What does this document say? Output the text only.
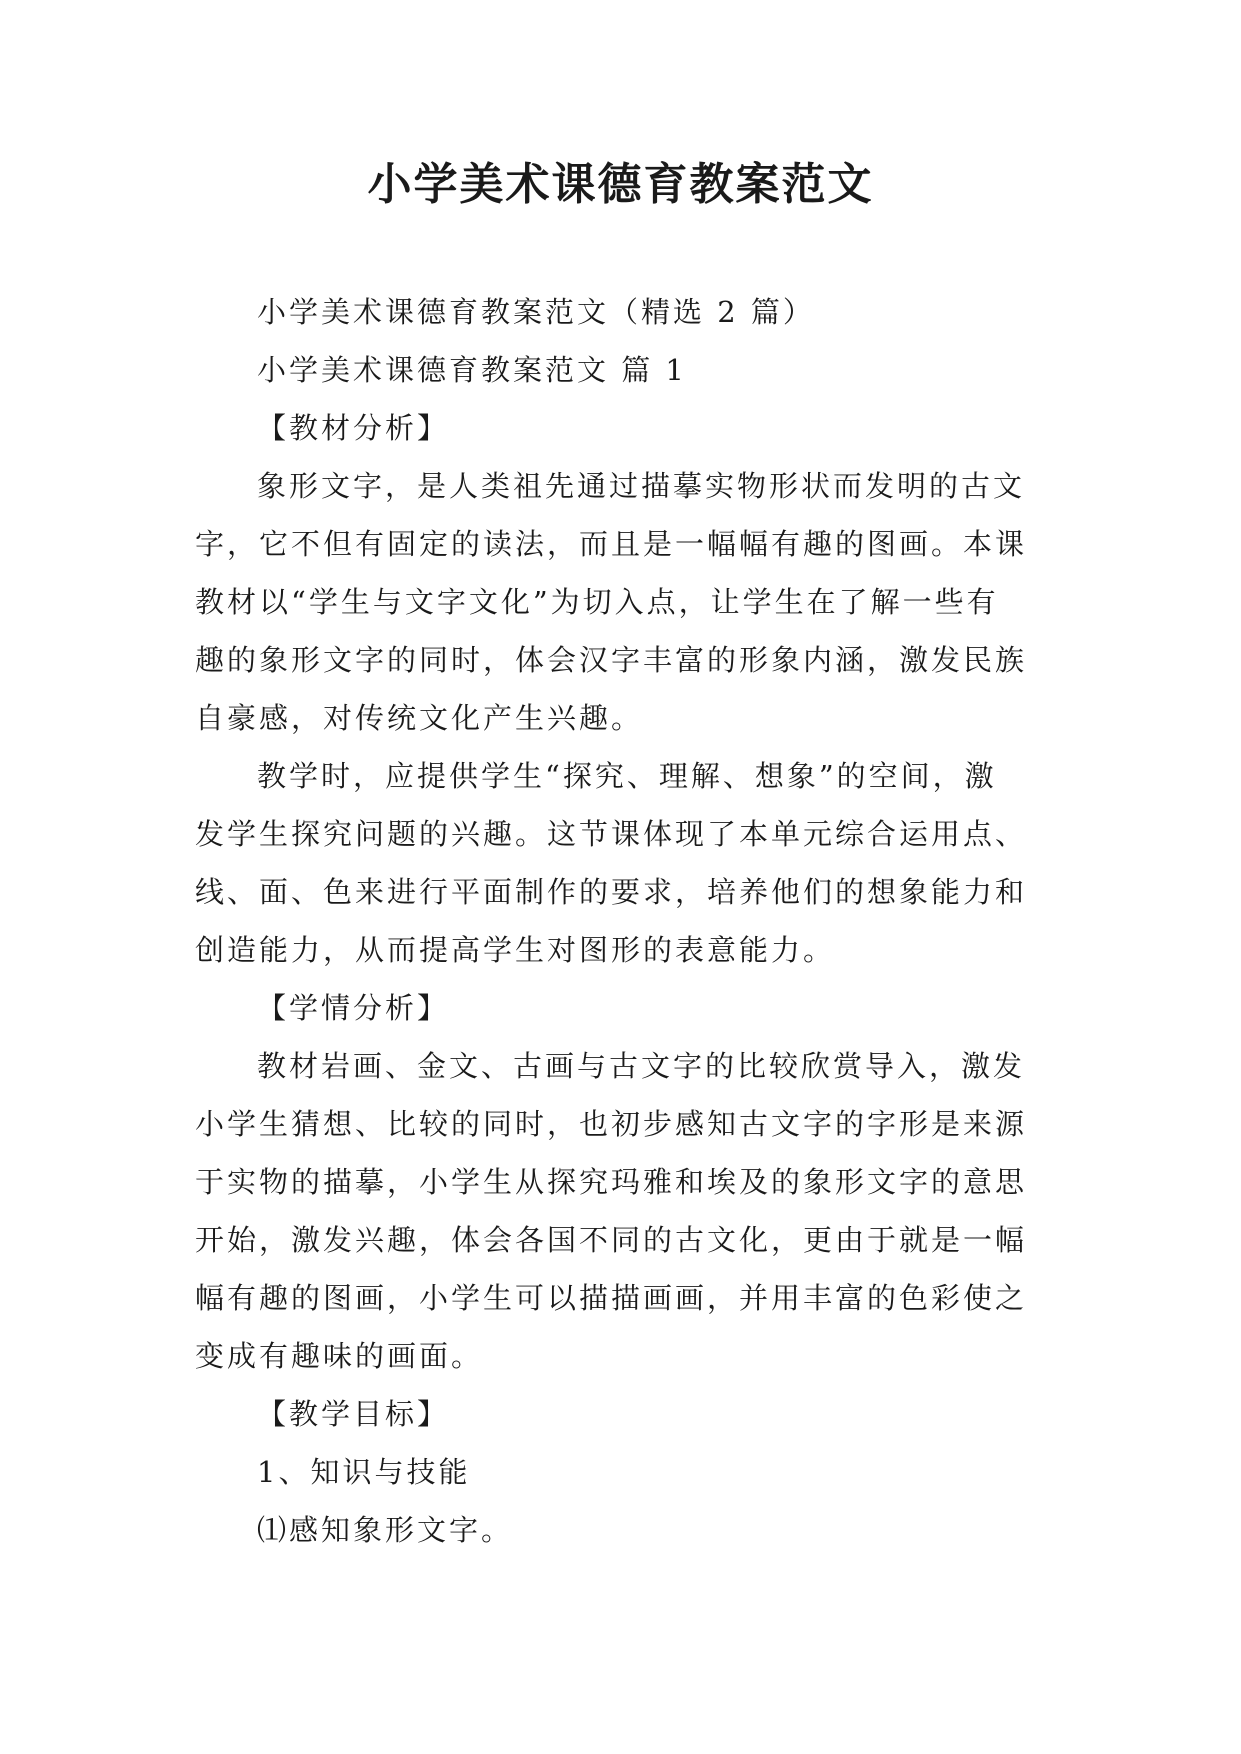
小学美术课德育教案范文

小学美术课德育教案范文（精选 2 篇）

小学美术课德育教案范文 篇 1

【教材分析】

象形文字，是人类祖先通过描摹实物形状而发明的古文

字，它不但有固定的读法，而且是一幅幅有趣的图画。本课

教材以“学生与文字文化”为切入点，让学生在了解一些有

趣的象形文字的同时，体会汉字丰富的形象内涵，激发民族

自豪感，对传统文化产生兴趣。

教学时，应提供学生“探究、理解、想象”的空间，激

发学生探究问题的兴趣。这节课体现了本单元综合运用点、

线、面、色来进行平面制作的要求，培养他们的想象能力和

创造能力，从而提高学生对图形的表意能力。

【学情分析】

教材岩画、金文、古画与古文字的比较欣赏导入，激发

小学生猜想、比较的同时，也初步感知古文字的字形是来源

于实物的描摹，小学生从探究玛雅和埃及的象形文字的意思

开始，激发兴趣，体会各国不同的古文化，更由于就是一幅

幅有趣的图画，小学生可以描描画画，并用丰富的色彩使之

变成有趣味的画面。

【教学目标】

1、知识与技能

⑴感知象形文字。
